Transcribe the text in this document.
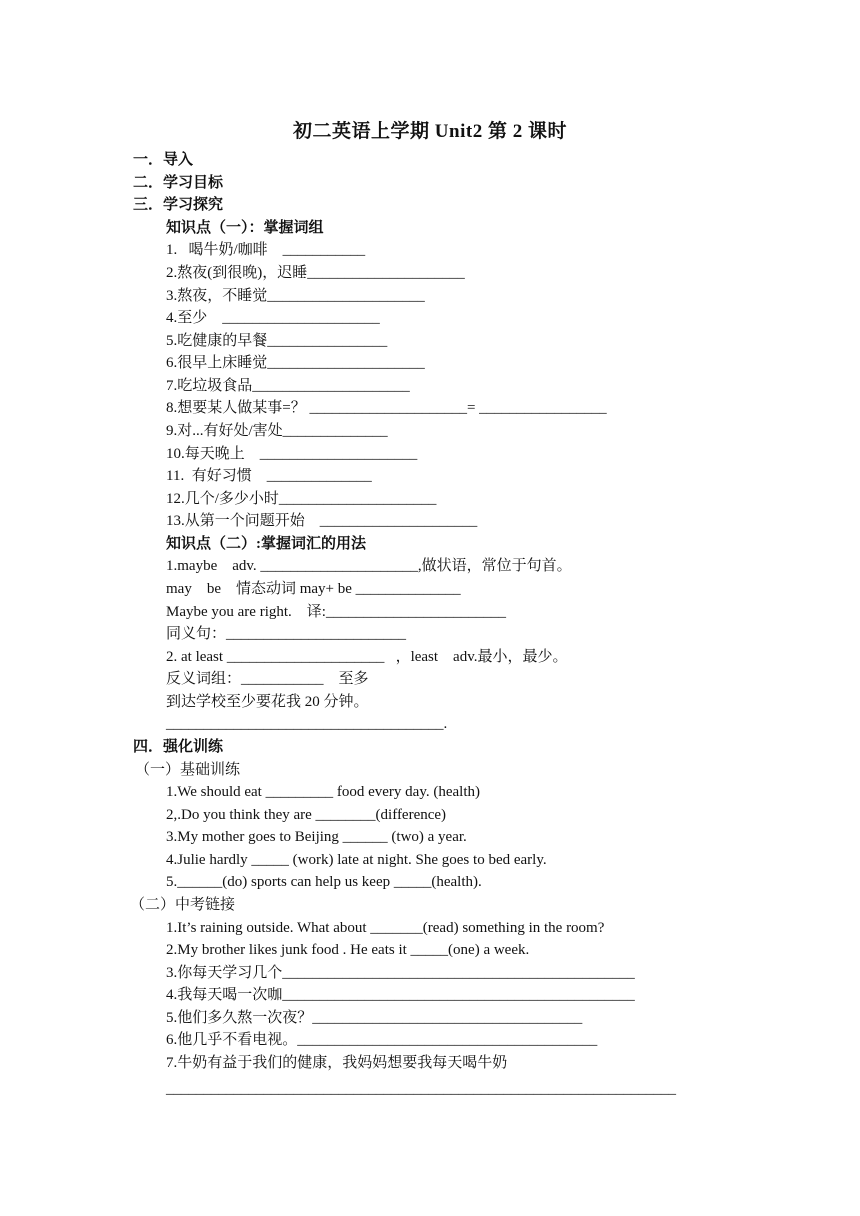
初二英语上学期 Unit2 第 2 课时
一．导入
二．学习目标
三．学习探究
知识点（一）：掌握词组
1.   喝牛奶/咖啡    ___________
2.熬夜(到很晚)，迟睡_____________________
3.熬夜，不睡觉_____________________
4.至少    _____________________
5.吃健康的早餐________________
6.很早上床睡觉_____________________
7.吃垃圾食品_____________________
8.想要某人做某事=？ _____________________= _________________
9.对...有好处/害处______________
10.每天晚上    _____________________
11.  有好习惯    ______________
12.几个/多少小时_____________________
13.从第一个问题开始    _____________________
知识点（二）:掌握词汇的用法
1.maybe    adv. _____________________,做状语，常位于句首。
may    be    情态动词 may+ be ______________
Maybe you are right.    译:________________________
同义句：________________________
2. at least _____________________   ，least    adv.最小，最少。
反义词组：___________    至多
到达学校至少要花我 20 分钟。
_____________________________________.
四．强化训练
（一）基础训练
1.We should eat _________ food every day. (health)
2,.Do you think they are ________(difference)
3.My mother goes to Beijing ______ (two) a year.
4.Julie hardly _____ (work) late at night. She goes to bed early.
5.______(do) sports can help us keep _____(health).
（二）中考链接
1.It’s raining outside. What about _______(read) something in the room?
2.My brother likes junk food . He eats it _____(one) a week.
3.你每天学习几个_______________________________________________
4.我每天喝一次咖_______________________________________________
5.他们多久熬一次夜？____________________________________
6.他几乎不看电视。________________________________________
7.牛奶有益于我们的健康，我妈妈想要我每天喝牛奶
____________________________________________________________________
